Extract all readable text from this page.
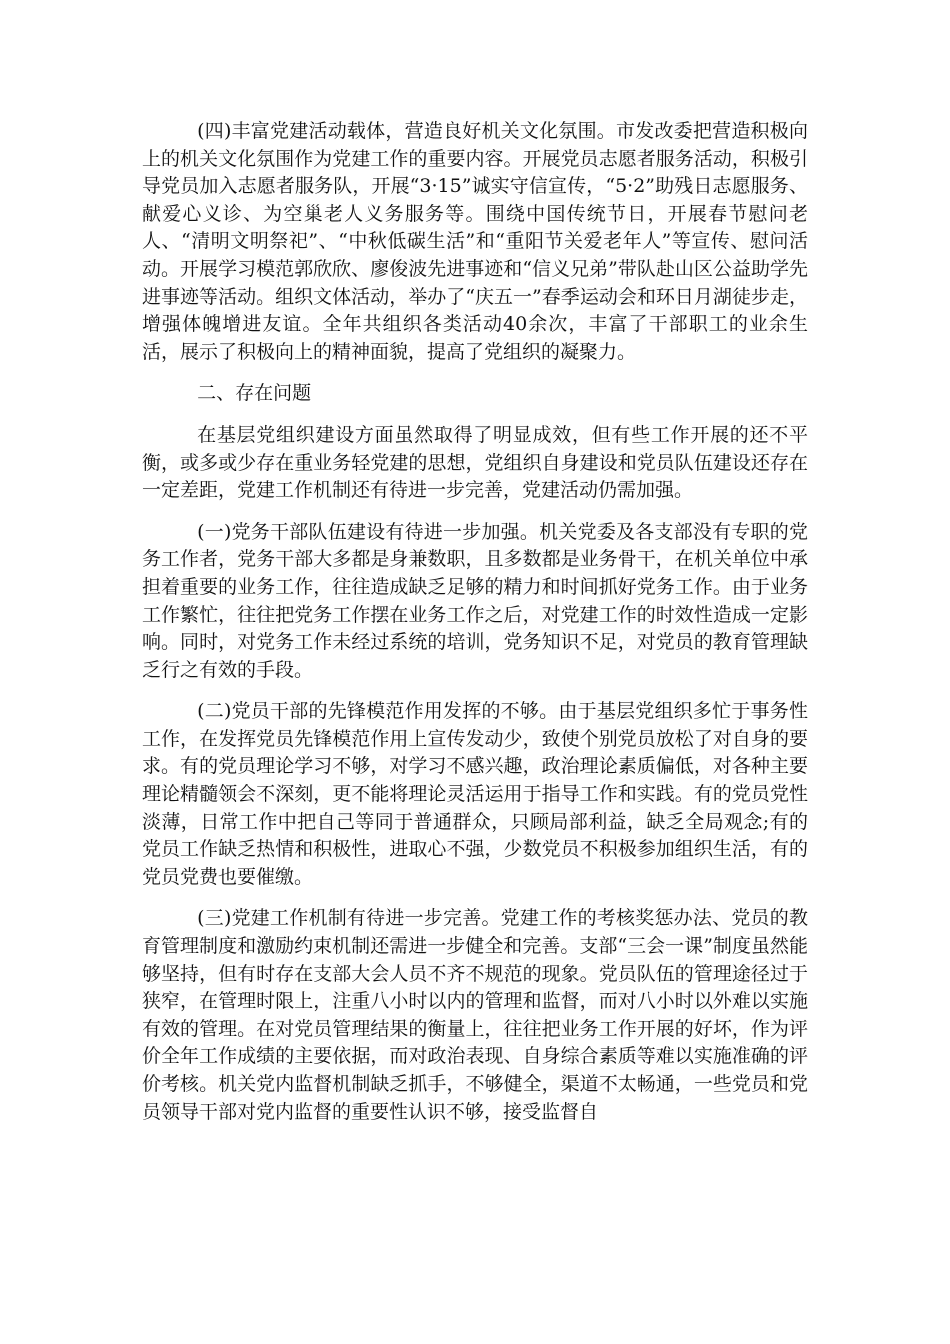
(四)丰富党建活动载体，营造良好机关文化氛围。市发改委把营造积极向上的机关文化氛围作为党建工作的重要内容。开展党员志愿者服务活动，积极引导党员加入志愿者服务队，开展“3·15”诚实守信宣传，“5·2”助残日志愿服务、献爱心义诊、为空巢老人义务服务等。围绕中国传统节日，开展春节慰问老人、“清明文明祭祀”、“中秋低碳生活”和“重阳节关爱老年人”等宣传、慰问活动。开展学习模范郭欣欣、廖俊波先进事迹和“信义兄弟”带队赴山区公益助学先进事迹等活动。组织文体活动，举办了“庆五一”春季运动会和环日月湖徒步走，增强体魄增进友谊。全年共组织各类活动40余次，丰富了干部职工的业余生活，展示了积极向上的精神面貌，提高了党组织的凝聚力。

二、存在问题

在基层党组织建设方面虽然取得了明显成效，但有些工作开展的还不平衡，或多或少存在重业务轻党建的思想，党组织自身建设和党员队伍建设还存在一定差距，党建工作机制还有待进一步完善，党建活动仍需加强。

(一)党务干部队伍建设有待进一步加强。机关党委及各支部没有专职的党务工作者，党务干部大多都是身兼数职，且多数都是业务骨干，在机关单位中承担着重要的业务工作，往往造成缺乏足够的精力和时间抓好党务工作。由于业务工作繁忙，往往把党务工作摆在业务工作之后，对党建工作的时效性造成一定影响。同时，对党务工作未经过系统的培训，党务知识不足，对党员的教育管理缺乏行之有效的手段。

(二)党员干部的先锋模范作用发挥的不够。由于基层党组织多忙于事务性工作，在发挥党员先锋模范作用上宣传发动少，致使个别党员放松了对自身的要求。有的党员理论学习不够，对学习不感兴趣，政治理论素质偏低，对各种主要理论精髓领会不深刻，更不能将理论灵活运用于指导工作和实践。有的党员党性淡薄，日常工作中把自己等同于普通群众，只顾局部利益，缺乏全局观念;有的党员工作缺乏热情和积极性，进取心不强，少数党员不积极参加组织生活，有的党员党费也要催缴。

(三)党建工作机制有待进一步完善。党建工作的考核奖惩办法、党员的教育管理制度和激励约束机制还需进一步健全和完善。支部“三会一课”制度虽然能够坚持，但有时存在支部大会人员不齐不规范的现象。党员队伍的管理途径过于狭窄，在管理时限上，注重八小时以内的管理和监督，而对八小时以外难以实施有效的管理。在对党员管理结果的衡量上，往往把业务工作开展的好坏，作为评价全年工作成绩的主要依据，而对政治表现、自身综合素质等难以实施准确的评价考核。机关党内监督机制缺乏抓手，不够健全，渠道不太畅通，一些党员和党员领导干部对党内监督的重要性认识不够，接受监督自
